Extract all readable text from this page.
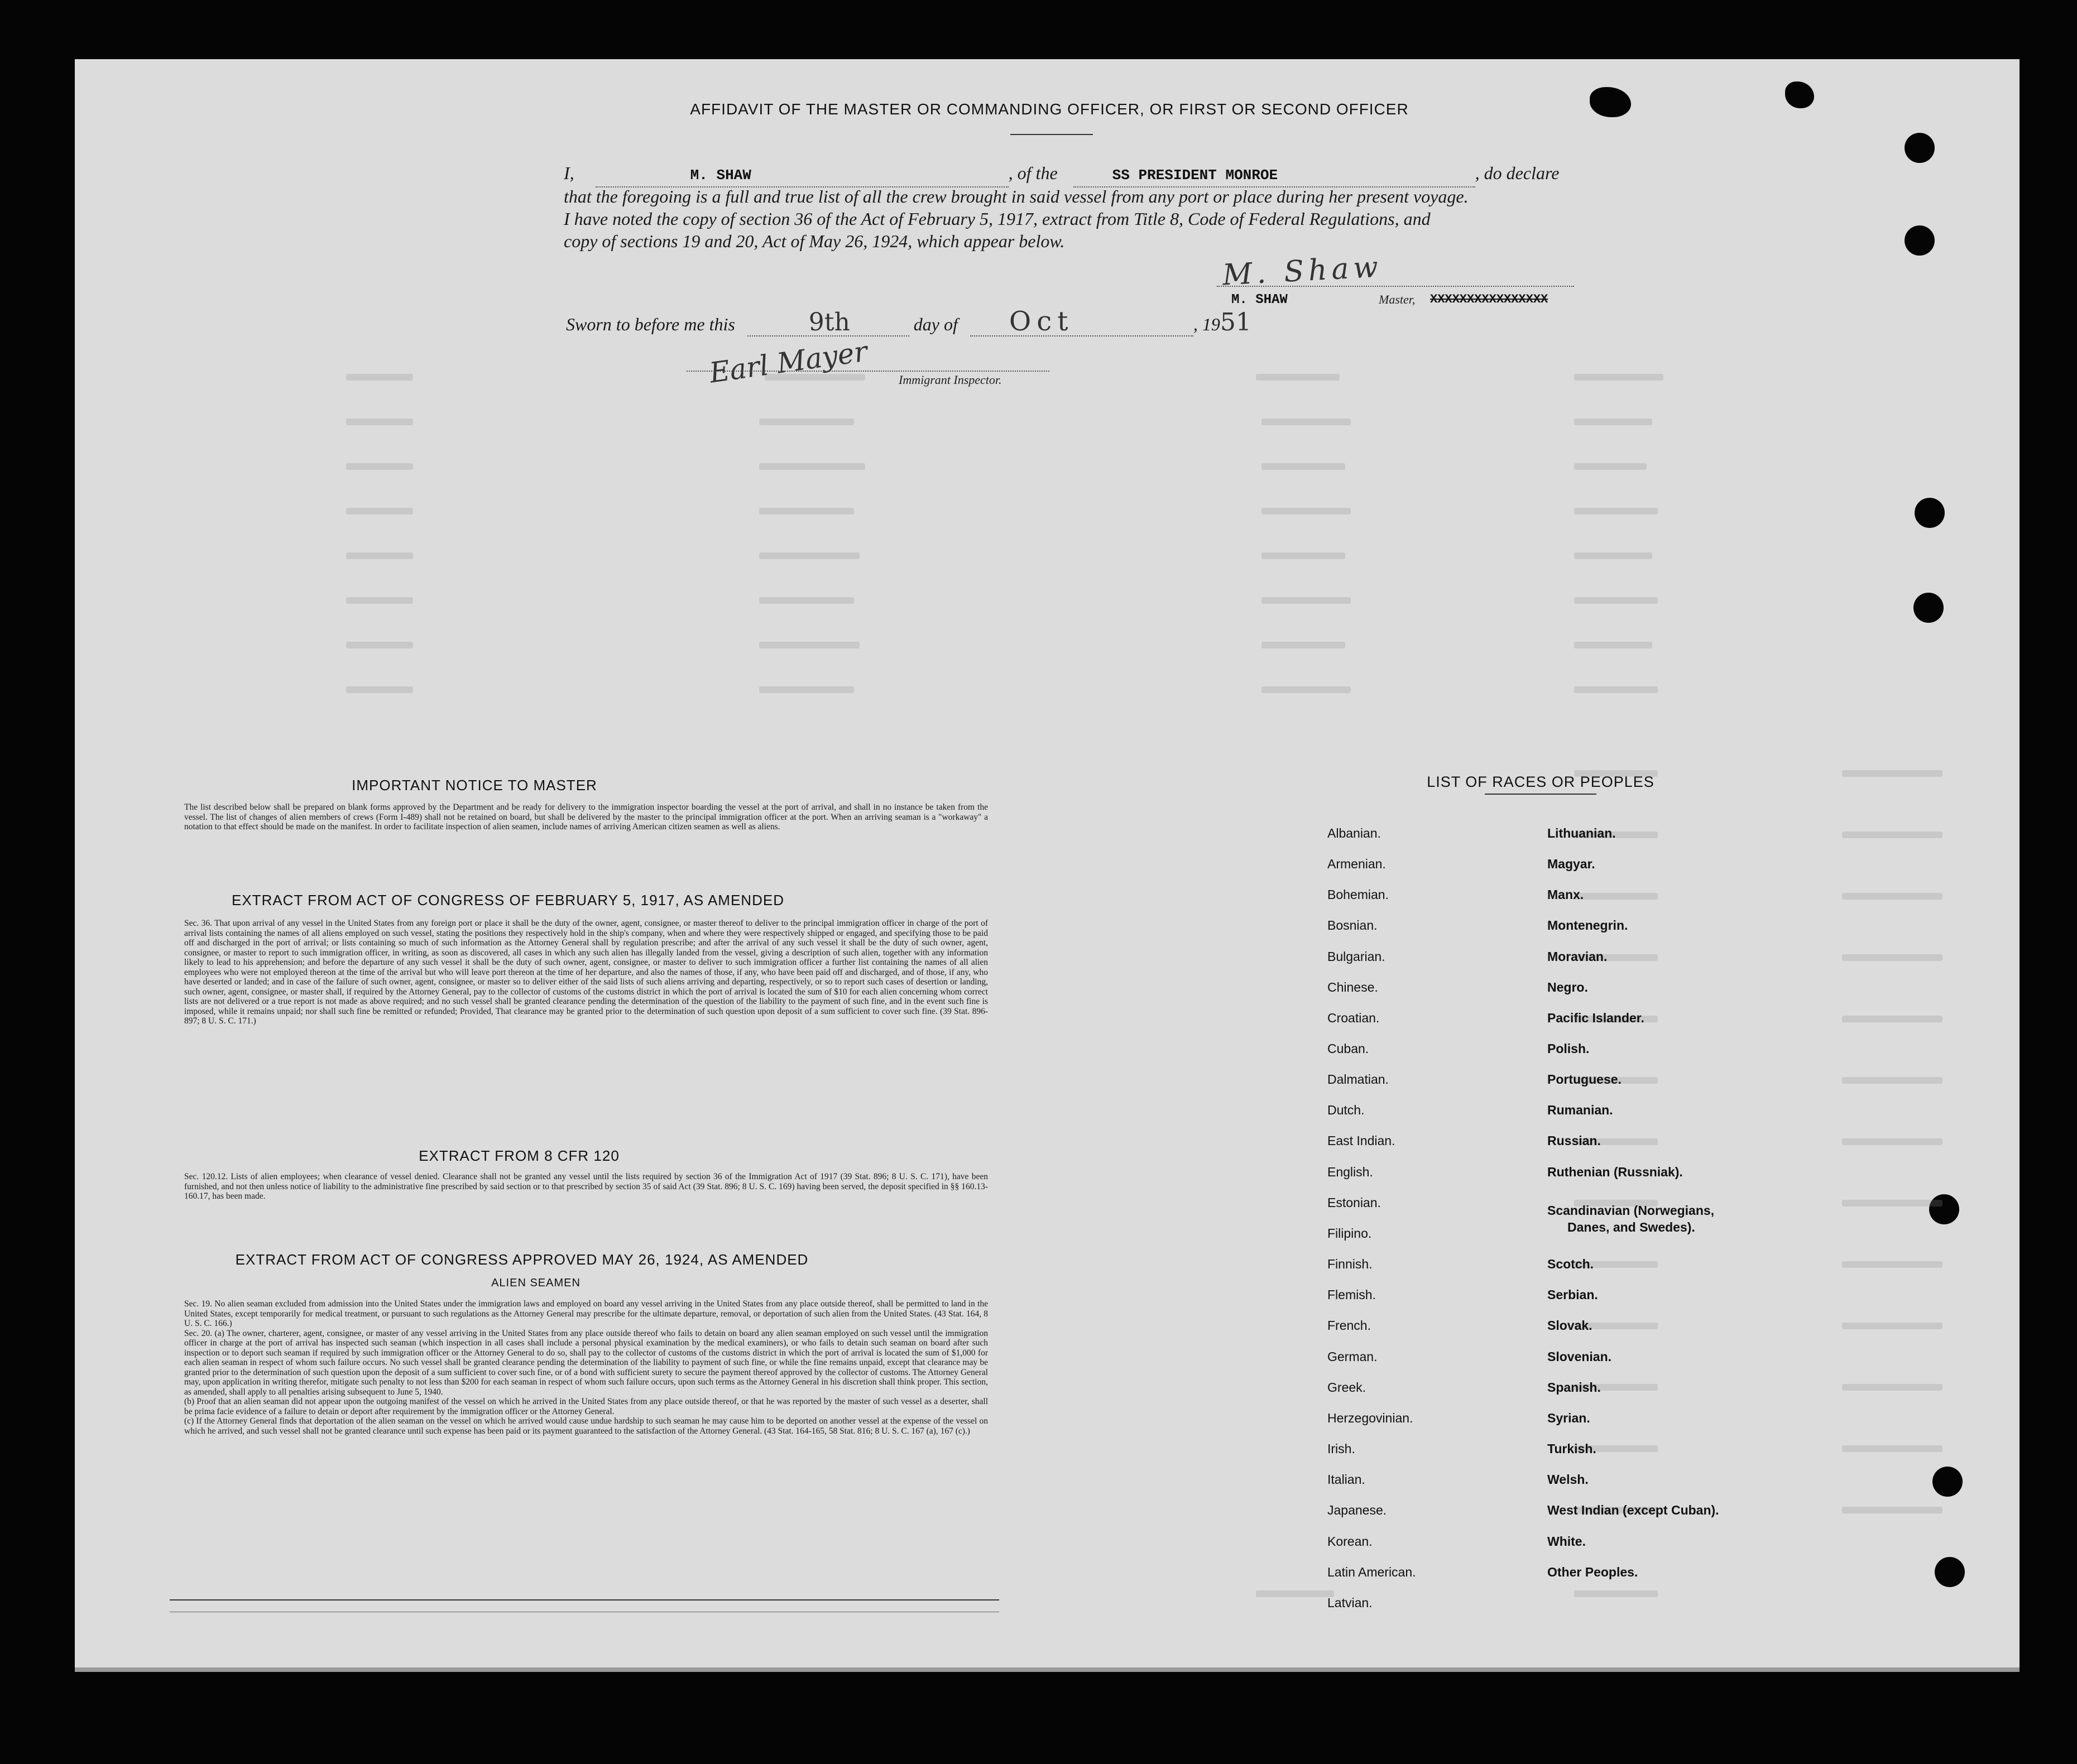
AFFIDAVIT OF THE MASTER OR COMMANDING OFFICER, OR FIRST OR SECOND OFFICER
I,	M. SHAW	, of the	SS PRESIDENT MONROE	, do declare
that the foregoing is a full and true list of all the crew brought in said vessel from any port or place during her present voyage.
I have noted the copy of section 36 of the Act of February 5, 1917, extract from Title 8, Code of Federal Regulations, and
copy of sections 19 and 20, Act of May 26, 1924, which appear below.
M. Shaw
M. SHAW	Master, XXXXXXXXXXXXXXXX
Sworn to before me this	9th	day of Oct	, 1951
Earl Mayer Immigrant Inspector.
IMPORTANT NOTICE TO MASTER
The list described below shall be prepared on blank forms approved by the Department and be ready for delivery to the immigration inspector boarding the vessel at the port of arrival, and shall in no instance be taken from the vessel. The list of changes of alien members of crews (Form I-489) shall not be retained on board, but shall be delivered by the master to the principal immigration officer at the port. When an arriving seaman is a "workaway" a notation to that effect should be made on the manifest. In order to facilitate inspection of alien seamen, include names of arriving American citizen seamen as well as aliens.
EXTRACT FROM ACT OF CONGRESS OF FEBRUARY 5, 1917, AS AMENDED
Sec. 36. That upon arrival of any vessel in the United States from any foreign port or place it shall be the duty of the owner, agent, consignee, or master thereof to deliver to the principal immigration officer in charge of the port of arrival lists containing the names of all aliens employed on such vessel, stating the positions they respectively hold in the ship's company, when and where they were respectively shipped or engaged, and specifying those to be paid off and discharged in the port of arrival; or lists containing so much of such information as the Attorney General shall by regulation prescribe; and after the arrival of any such vessel it shall be the duty of such owner, agent, consignee, or master to report to such immigration officer, in writing, as soon as discovered, all cases in which any such alien has illegally landed from the vessel, giving a description of such alien, together with any information likely to lead to his apprehension; and before the departure of any such vessel it shall be the duty of such owner, agent, consignee, or master to deliver to such immigration officer a further list containing the names of all alien employees who were not employed thereon at the time of the arrival but who will leave port thereon at the time of her departure, and also the names of those, if any, who have been paid off and discharged, and of those, if any, who have deserted or landed; and in case of the failure of such owner, agent, consignee, or master so to deliver either of the said lists of such aliens arriving and departing, respectively, or so to report such cases of desertion or landing, such owner, agent, consignee, or master shall, if required by the Attorney General, pay to the collector of customs of the customs district in which the port of arrival is located the sum of $10 for each alien concerning whom correct lists are not delivered or a true report is not made as above required; and no such vessel shall be granted clearance pending the determination of the question of the liability to the payment of such fine, and in the event such fine is imposed, while it remains unpaid; nor shall such fine be remitted or refunded; Provided, That clearance may be granted prior to the determination of such question upon deposit of a sum sufficient to cover such fine. (39 Stat. 896-897; 8 U. S. C. 171.)
EXTRACT FROM 8 CFR 120
Sec. 120.12. Lists of alien employees; when clearance of vessel denied. Clearance shall not be granted any vessel until the lists required by section 36 of the Immigration Act of 1917 (39 Stat. 896; 8 U. S. C. 171), have been furnished, and not then unless notice of liability to the administrative fine prescribed by said section or to that prescribed by section 35 of said Act (39 Stat. 896; 8 U. S. C. 169) having been served, the deposit specified in §§ 160.13-160.17, has been made.
EXTRACT FROM ACT OF CONGRESS APPROVED MAY 26, 1924, AS AMENDED
ALIEN SEAMEN

Sec. 19. No alien seaman excluded from admission into the United States under the immigration laws and employed on board any vessel arriving in the United States from any place outside thereof, shall be permitted to land in the United States, except temporarily for medical treatment, or pursuant to such regulations as the Attorney General may prescribe for the ultimate departure, removal, or deportation of such alien from the United States. (43 Stat. 164, 8 U. S. C. 166.)

Sec. 20. (a) The owner, charterer, agent, consignee, or master of any vessel arriving in the United States from any place outside thereof who fails to detain on board any alien seaman employed on such vessel until the immigration officer in charge at the port of arrival has inspected such seaman (which inspection in all cases shall include a personal physical examination by the medical examiners), or who fails to detain such seaman on board after such inspection or to deport such seaman if required by such immigration officer or the Attorney General to do so, shall pay to the collector of customs of the customs district in which the port of arrival is located the sum of $1,000 for each alien seaman in respect of whom such failure occurs. No such vessel shall be granted clearance pending the determination of the liability to payment of such fine, or while the fine remains unpaid, except that clearance may be granted prior to the determination of such question upon the deposit of a sum sufficient to cover such fine, or of a bond with sufficient surety to secure the payment thereof approved by the collector of customs. The Attorney General may, upon application in writing therefor, mitigate such penalty to not less than $200 for each seaman in respect of whom such failure occurs, upon such terms as the Attorney General in his discretion shall think proper. This section, as amended, shall apply to all penalties arising subsequent to June 5, 1940.

(b) Proof that an alien seaman did not appear upon the outgoing manifest of the vessel on which he arrived in the United States from any place outside thereof, or that he was reported by the master of such vessel as a deserter, shall be prima facie evidence of a failure to detain or deport after requirement by the immigration officer or the Attorney General.

(c) If the Attorney General finds that deportation of the alien seaman on the vessel on which he arrived would cause undue hardship to such seaman he may cause him to be deported on another vessel at the expense of the vessel on which he arrived, and such vessel shall not be granted clearance until such expense has been paid or its payment guaranteed to the satisfaction of the Attorney General. (43 Stat. 164-165, 58 Stat. 816; 8 U. S. C. 167 (a), 167 (c).)

LIST OF RACES OR PEOPLES
Albanian.
Armenian.
Bohemian.
Bosnian.
Bulgarian.
Chinese.
Croatian.
Cuban.
Dalmatian.
Dutch.
East Indian.
English.
Estonian.
Filipino.
Finnish.
Flemish.
French.
German.
Greek.
Herzegovinian.
Irish.
Italian.
Japanese.
Korean.
Latin American.
Latvian.
Lithuanian.
Magyar.
Manx.
Montenegrin.
Moravian.
Negro.
Pacific Islander.
Polish.
Portuguese.
Rumanian.
Russian.
Ruthenian (Russniak).
Scandinavian (Norwegians,
Danes, and Swedes).
Scotch.
Serbian.
Slovak.
Slovenian.
Spanish.
Syrian.
Turkish.
Welsh.
West Indian (except Cuban).
White.
Other Peoples.
